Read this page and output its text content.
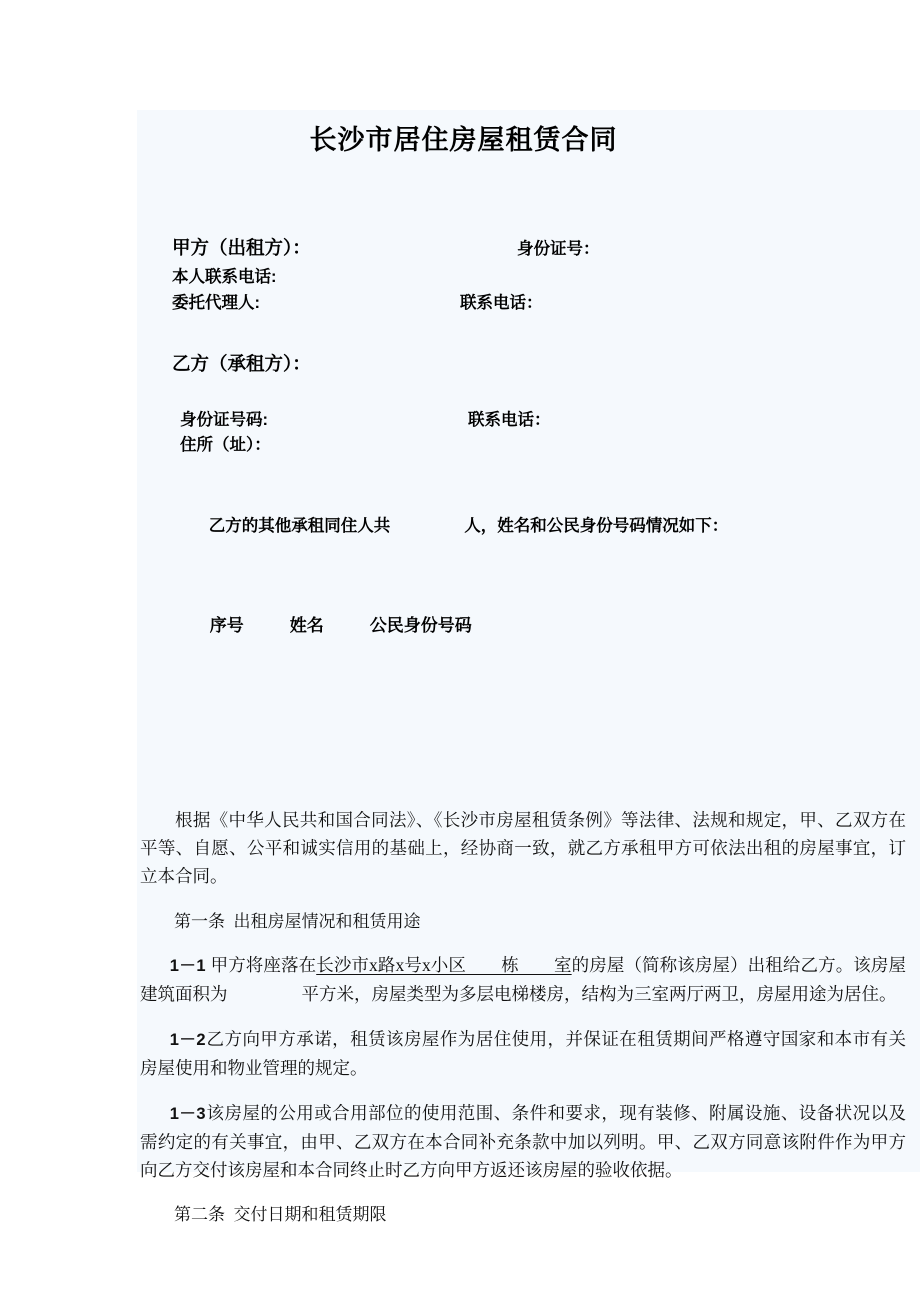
长沙市居住房屋租赁合同
甲方（出租方）：	身份证号：
本人联系电话:
委托代理人:	联系电话：
乙方（承租方）：
身份证号码:	联系电话：
住所（址）：

乙方的其他承租同住人共	人，姓名和公民身份号码情况如下：

序号	姓名	公民身份号码

根据《中华人民共和国合同法》、《长沙市房屋租赁条例》等法律、法规和规定，甲、乙双方在平等、自愿、公平和诚实信用的基础上，经协商一致，就乙方承租甲方可依法出租的房屋事宜，订立本合同。

第一条  出租房屋情况和租赁用途

1－1 甲方将座落在长沙市x路x号x小区　　栋　　室的房屋（简称该房屋）出租给乙方。该房屋建筑面积为	平方米，房屋类型为多层电梯楼房，结构为三室两厅两卫，房屋用途为居住。

1－2乙方向甲方承诺，租赁该房屋作为居住使用，并保证在租赁期间严格遵守国家和本市有关房屋使用和物业管理的规定。

1－3该房屋的公用或合用部位的使用范围、条件和要求，现有装修、附属设施、设备状况以及需约定的有关事宜，由甲、乙双方在本合同补充条款中加以列明。甲、乙双方同意该附件作为甲方向乙方交付该房屋和本合同终止时乙方向甲方返还该房屋的验收依据。

第二条  交付日期和租赁期限
